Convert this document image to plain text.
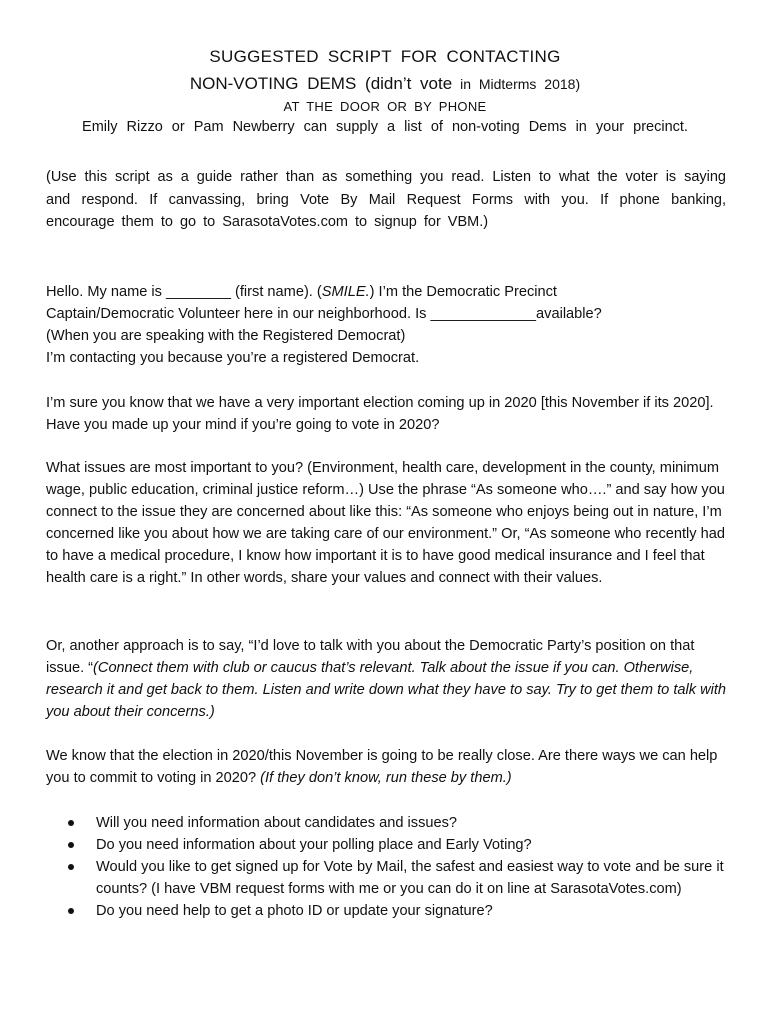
SUGGESTED SCRIPT FOR CONTACTING
NON-VOTING DEMS (didn’t vote in Midterms 2018)
AT THE DOOR OR BY PHONE
Emily Rizzo or Pam Newberry can supply a list of non-voting Dems in your precinct.
(Use this script as a guide rather than as something you read. Listen to what the voter is saying and respond. If canvassing, bring Vote By Mail Request Forms with you. If phone banking, encourage them to go to SarasotaVotes.com to signup for VBM.)

Hello. My name is ________ (first name). (SMILE.) I’m the Democratic Precinct

Captain/Democratic Volunteer here in our neighborhood. Is _____________available?

(When you are speaking with the Registered Democrat)

I’m contacting you because you’re a registered Democrat.

I’m sure you know that we have a very important election coming up in 2020 [this November if its 2020]. Have you made up your mind if you’re going to vote in 2020?
What issues are most important to you? (Environment, health care, development in the county, minimum wage, public education, criminal justice reform…) Use the phrase “As someone who….” and say how you connect to the issue they are concerned about like this: “As someone who enjoys being out in nature, I’m concerned like you about how we are taking care of our environment.” Or, “As someone who recently had to have a medical procedure, I know how important it is to have good medical insurance and I feel that health care is a right.” In other words, share your values and connect with their values.
Or, another approach is to say, “I’d love to talk with you about the Democratic Party’s position on that issue. “(Connect them with club or caucus that’s relevant. Talk about the issue if you can. Otherwise, research it and get back to them. Listen and write down what they have to say. Try to get them to talk with you about their concerns.)
We know that the election in 2020/this November is going to be really close. Are there ways we can help you to commit to voting in 2020? (If they don’t know, run these by them.)
Will you need information about candidates and issues?
Do you need information about your polling place and Early Voting?
Would you like to get signed up for Vote by Mail, the safest and easiest way to vote and be sure it counts? (I have VBM request forms with me or you can do it on line at SarasotaVotes.com)
Do you need help to get a photo ID or update your signature?
